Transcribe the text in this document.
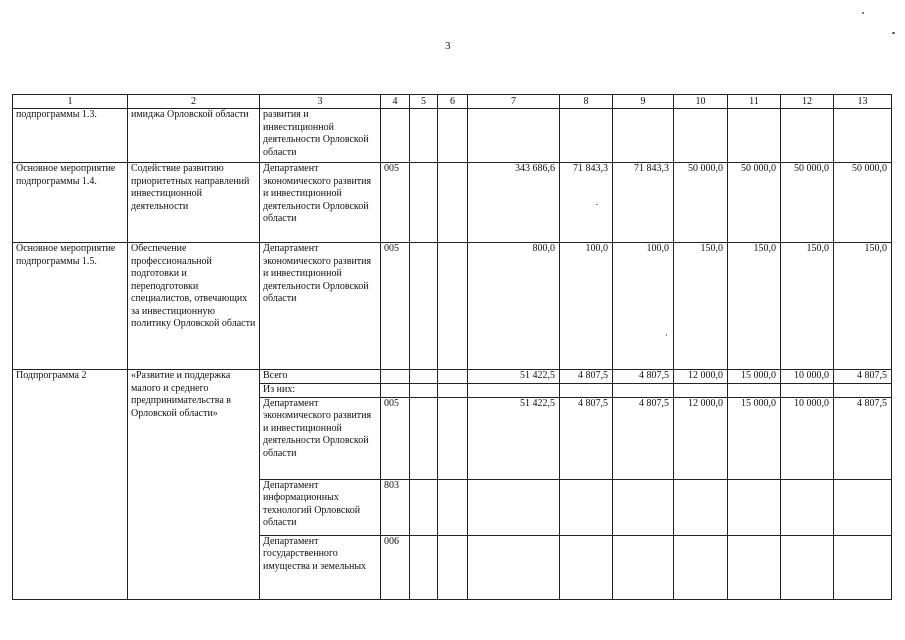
3
1	2	3	4	5	6	7	8	9	10	11	12	13
подпрограммы 1.3.	имиджа Орловской области	развития и инвестиционной деятельности Орловской области										
Основное мероприятие подпрограммы 1.4.	Содействие развитию приоритетных направлений инвестиционной деятельности	Департамент экономического развития и инвестиционной деятельности Орловской области	005			343 686,6	71 843,3	71 843,3	50 000,0	50 000,0	50 000,0	50 000,0
Основное мероприятие подпрограммы 1.5.	Обеспечение профессиональной подготовки и переподготовки специалистов, отвечающих за инвестиционную политику Орловской области	Департамент экономического развития и инвестиционной деятельности Орловской области	005			800,0	100,0	100,0	150,0	150,0	150,0	150,0
Подпрограмма 2	«Развитие и поддержка малого и среднего предпринимательства в Орловской области»	Всего				51 422,5	4 807,5	4 807,5	12 000,0	15 000,0	10 000,0	4 807,5
		Из них:										
		Департамент экономического развития и инвестиционной деятельности Орловской области	005			51 422,5	4 807,5	4 807,5	12 000,0	15 000,0	10 000,0	4 807,5
		Департамент информационных технологий Орловской области	803									
		Департамент государственного имущества и земельных	006									
